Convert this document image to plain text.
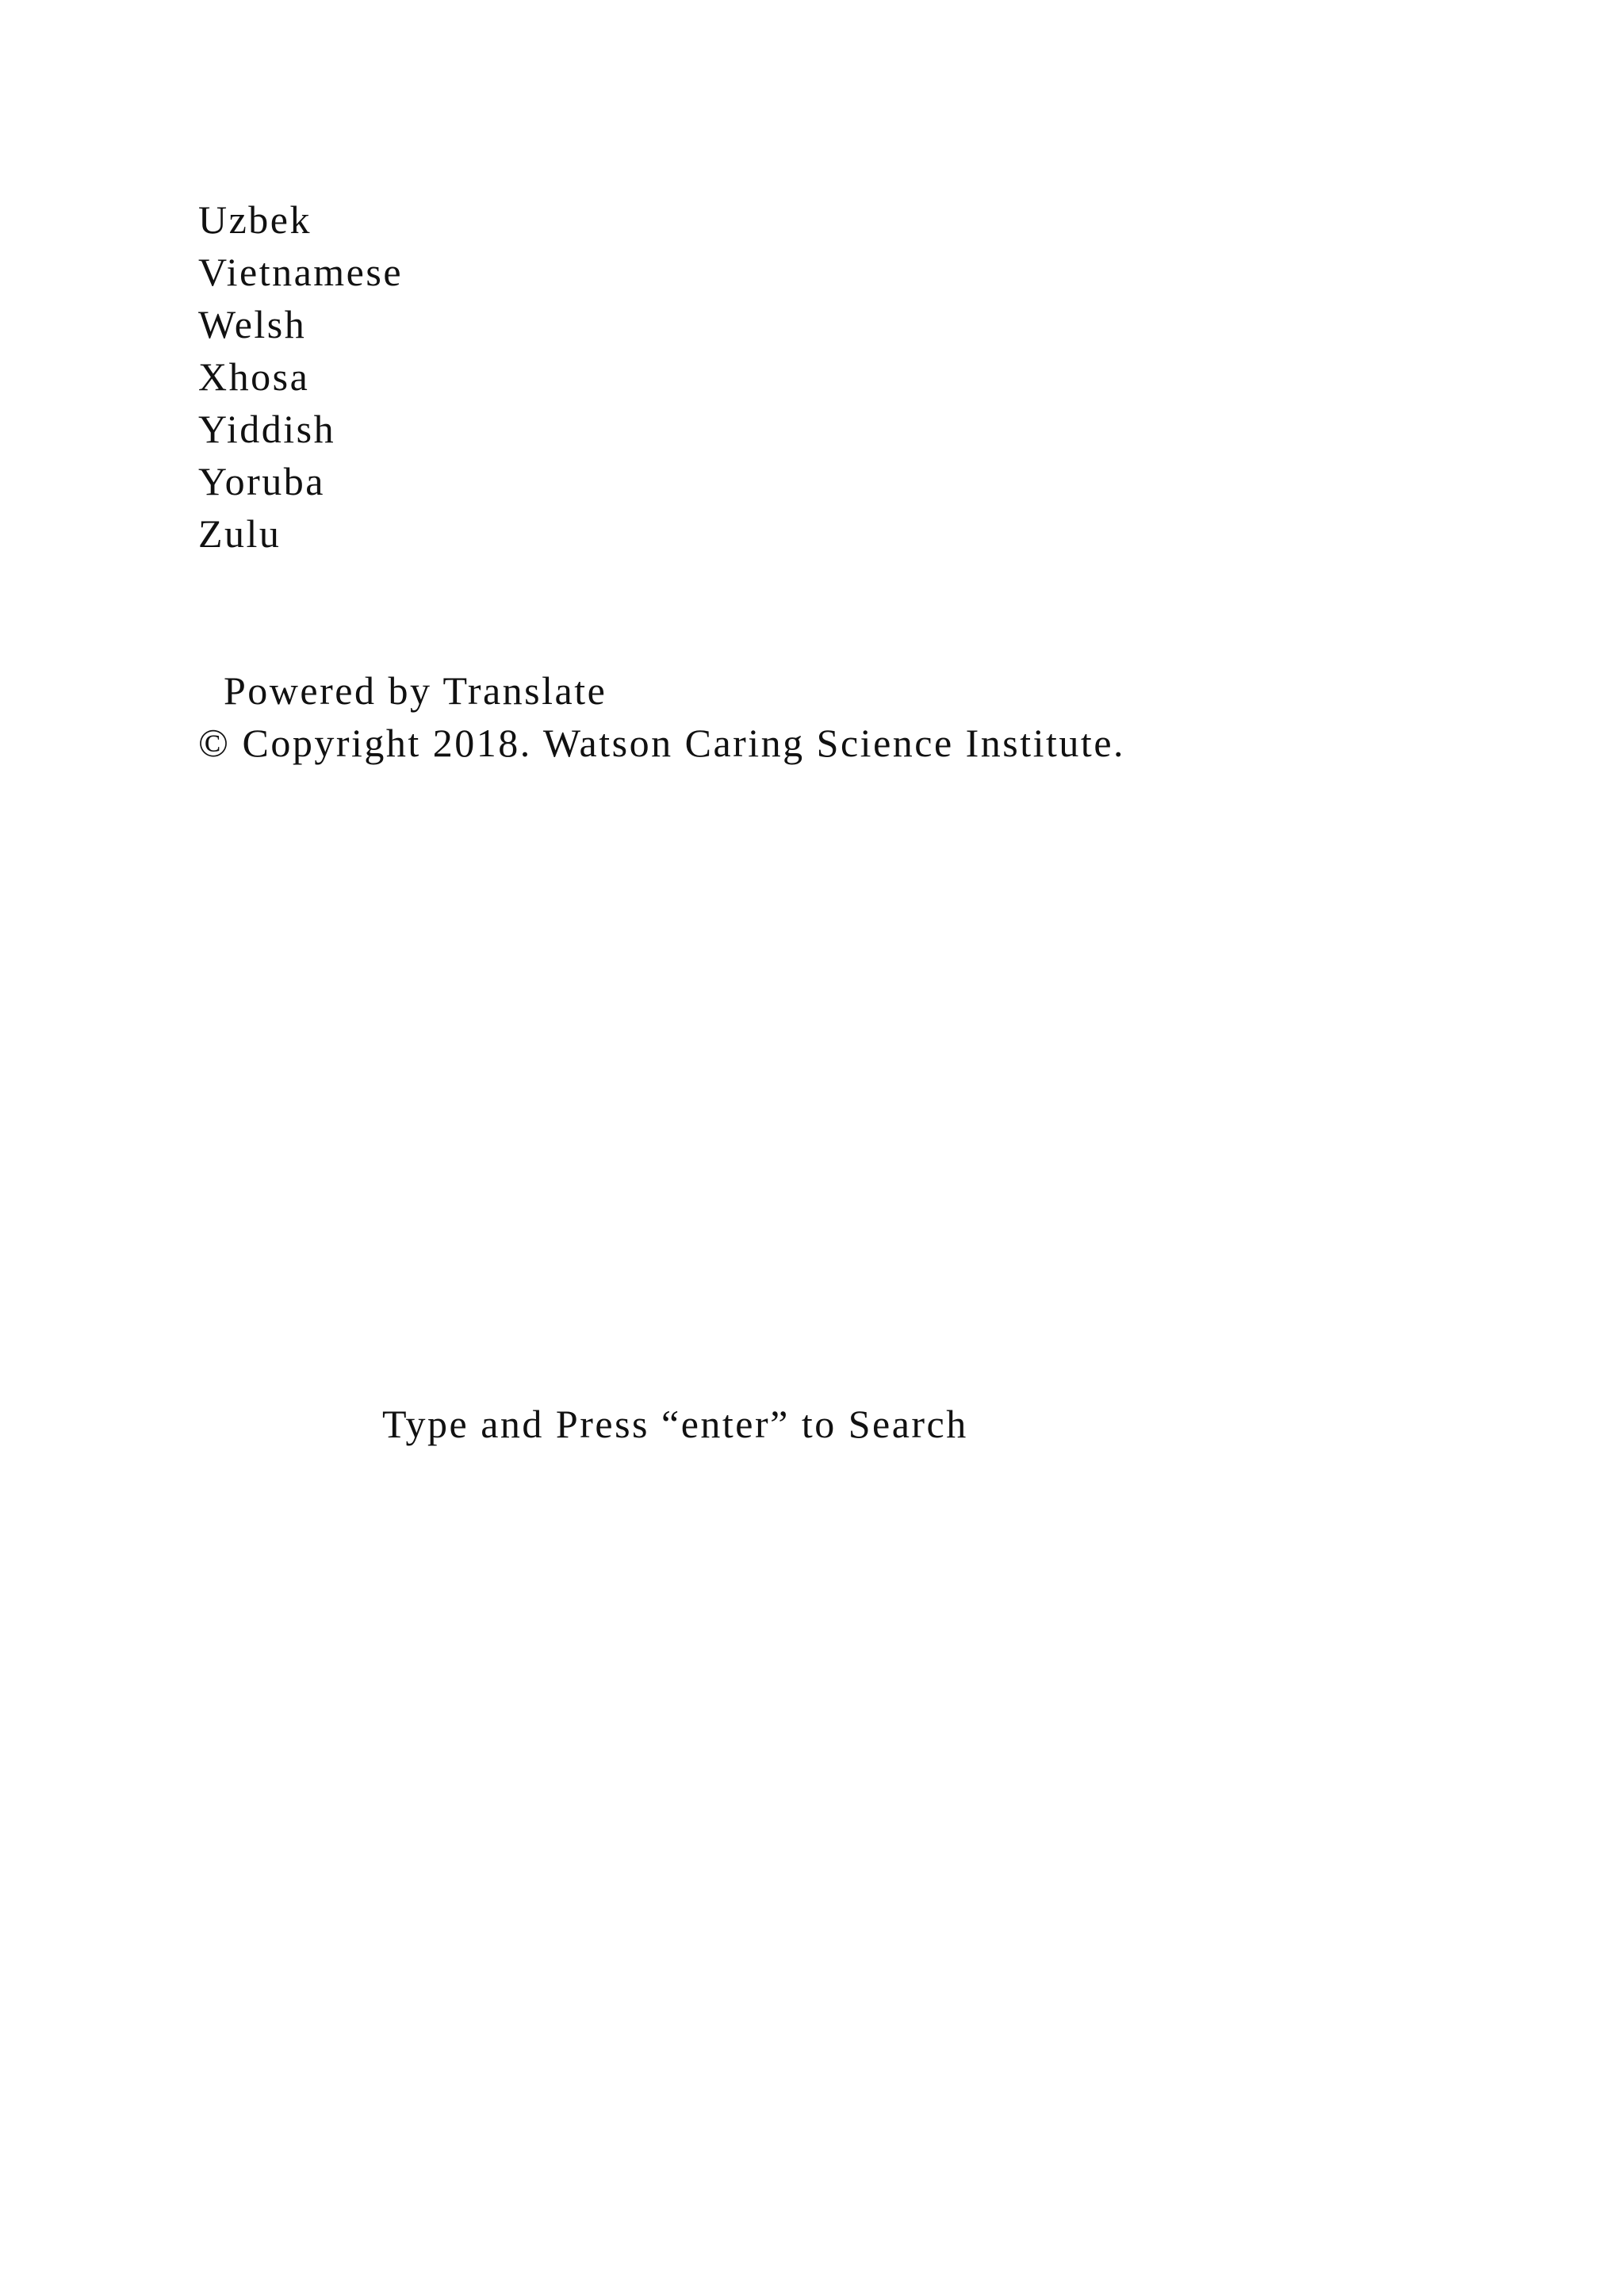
Uzbek
Vietnamese
Welsh
Xhosa
Yiddish
Yoruba
Zulu
Powered by Translate
© Copyright 2018. Watson Caring Science Institute.
Type and Press “enter” to Search
